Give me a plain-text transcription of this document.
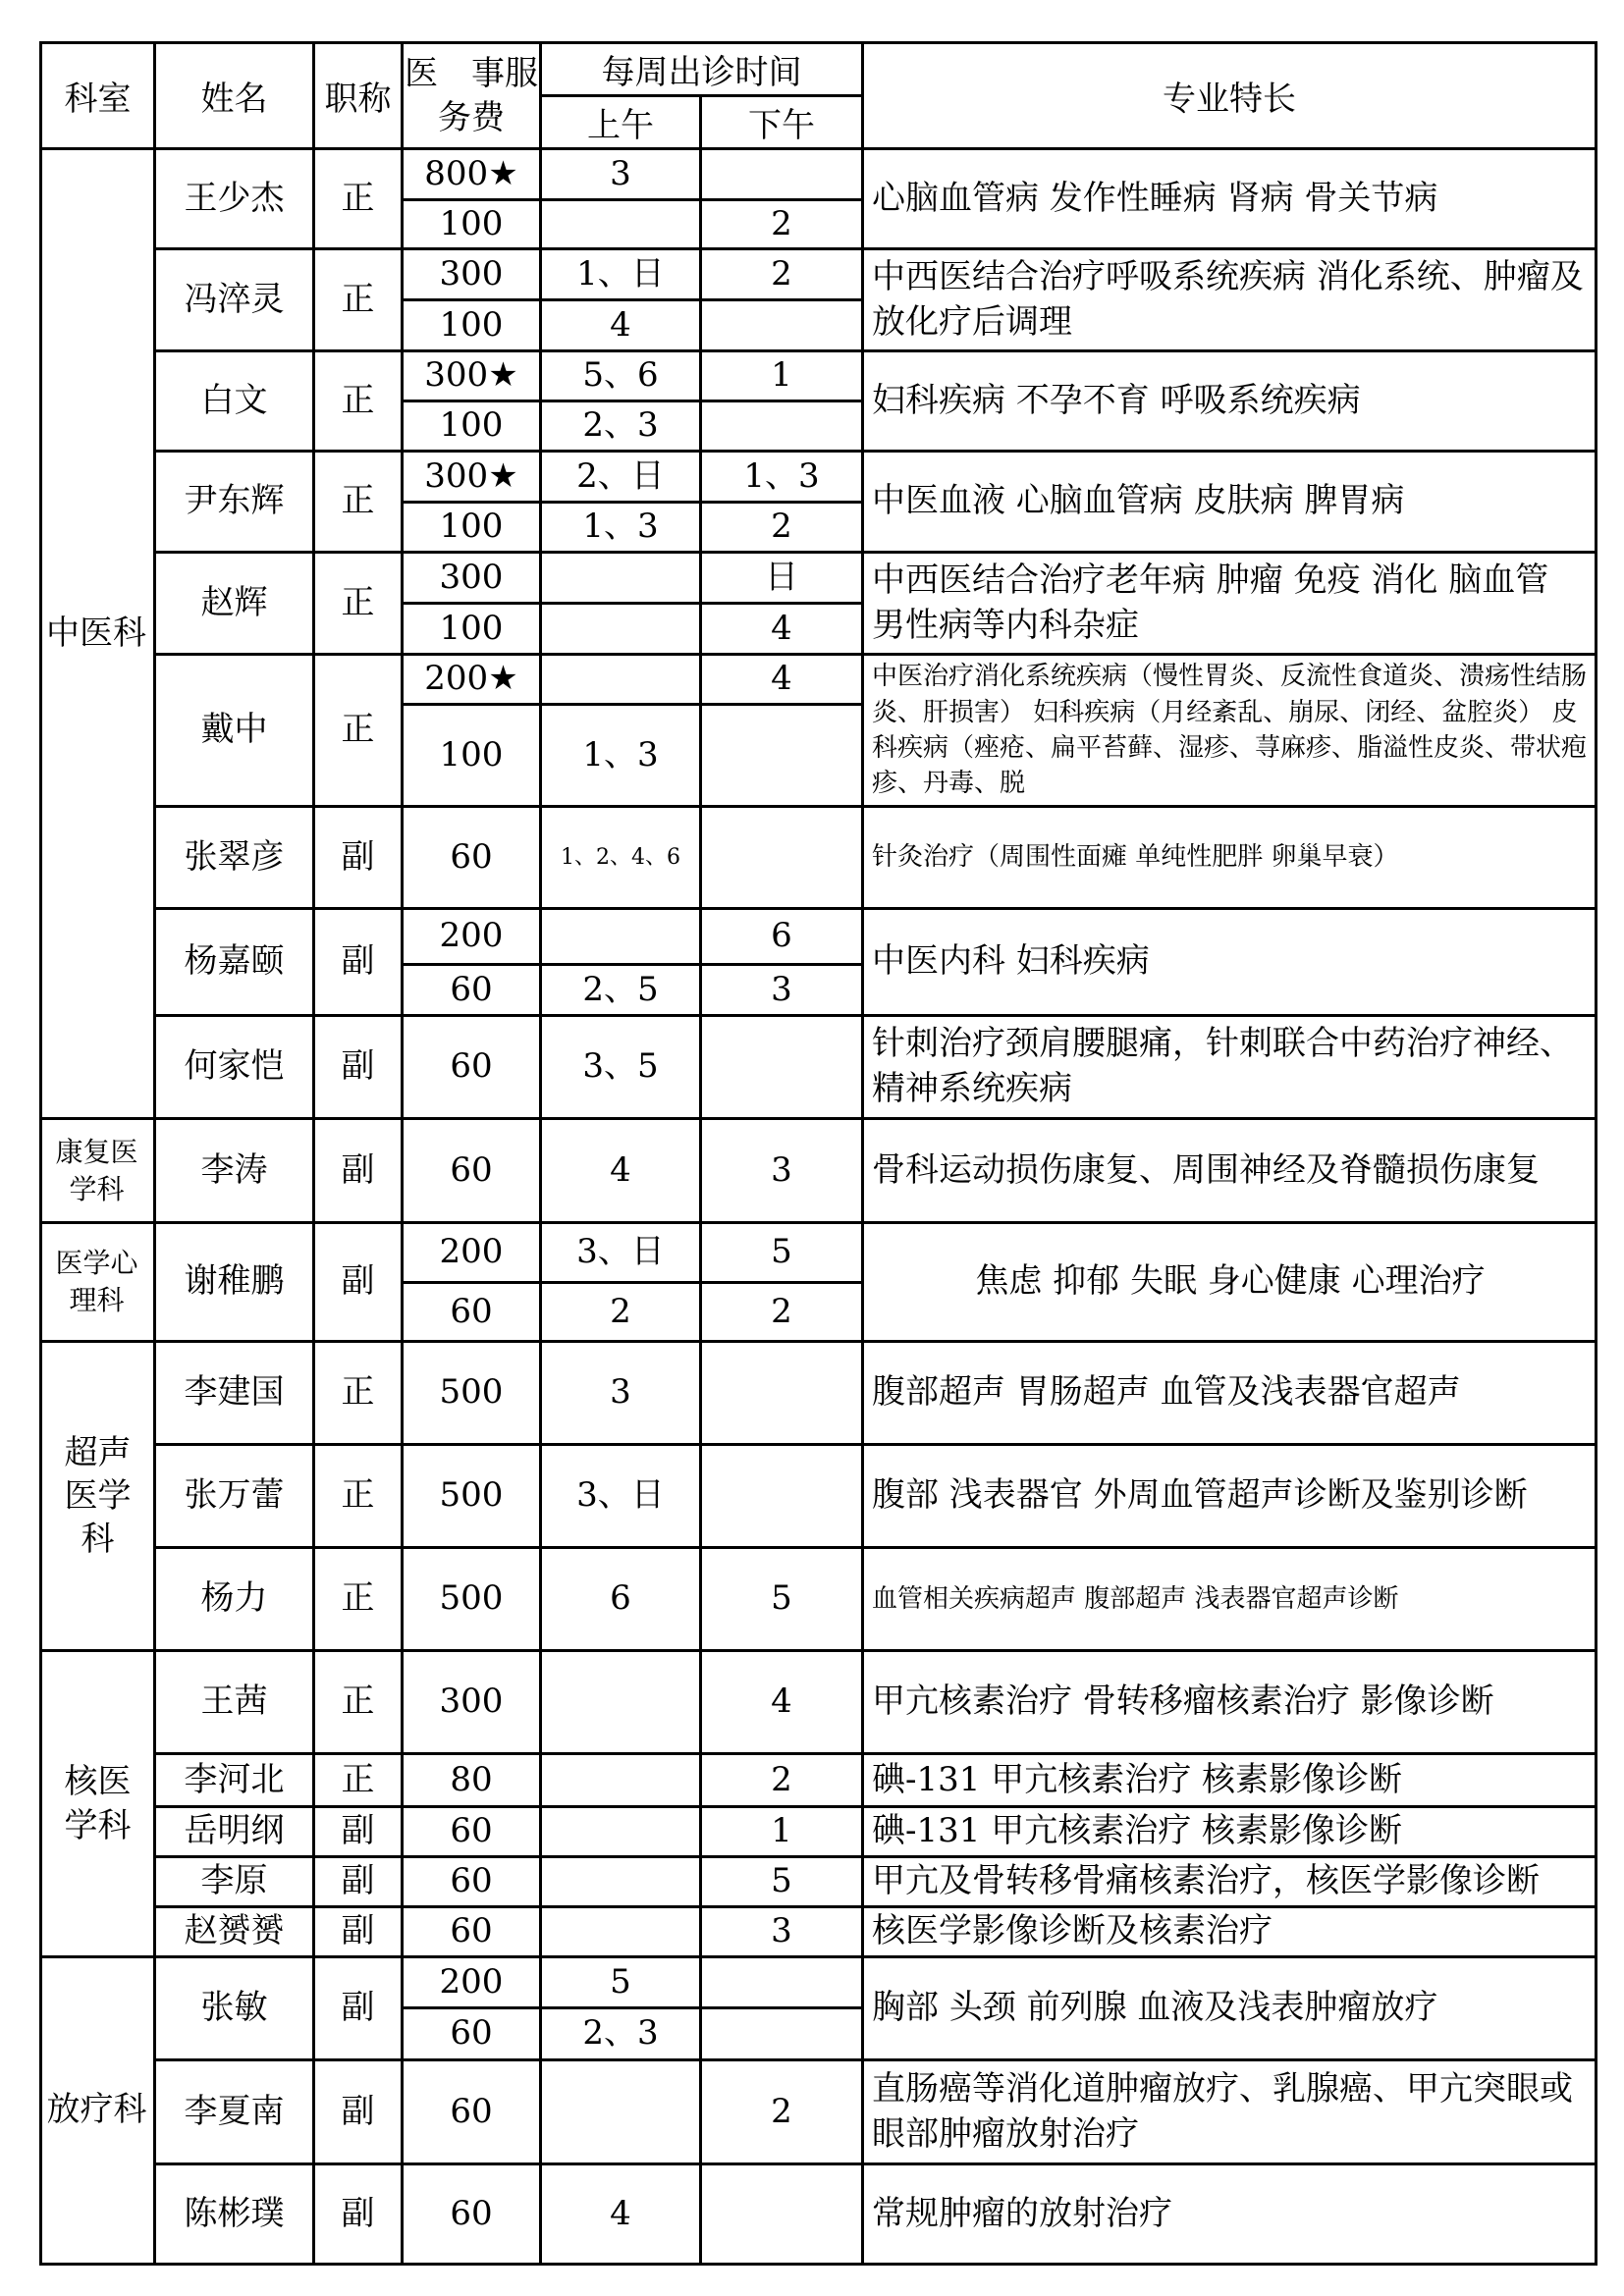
科室	姓名	职称	医　事服务费	每周出诊时间		专业特长
				上午	下午	
中医科	王少杰	正	800★	3		心脑血管病 发作性睡病 肾病 骨关节病
			100		2	
	冯淬灵	正	300	1、日	2	中西医结合治疗呼吸系统疾病 消化系统、肿瘤及放化疗后调理
			100	4		
	白文	正	300★	5、6	1	妇科疾病 不孕不育 呼吸系统疾病
			100	2、3		
	尹东辉	正	300★	2、日	1、3	中医血液 心脑血管病 皮肤病 脾胃病
			100	1、3	2	
	赵辉	正	300		日	中西医结合治疗老年病 肿瘤 免疫 消化 脑血管 男性病等内科杂症
			100		4	
	戴中	正	200★		4	中医治疗消化系统疾病（慢性胃炎、反流性食道炎、溃疡性结肠炎、肝损害） 妇科疾病（月经紊乱、崩尿、闭经、盆腔炎） 皮科疾病（痤疮、扁平苔藓、湿疹、荨麻疹、脂溢性皮炎、带状疱疹、丹毒、脱
			100	1、3		
	张翠彦	副	60	1、2、4、6		针灸治疗（周围性面瘫 单纯性肥胖 卵巢早衰）
	杨嘉颐	副	200		6	中医内科 妇科疾病
			60	2、5	3	
	何家恺	副	60	3、5		针刺治疗颈肩腰腿痛，针刺联合中药治疗神经、精神系统疾病
康复医学科	李涛	副	60	4	3	骨科运动损伤康复、周围神经及脊髓损伤康复
医学心理科	谢稚鹏	副	200	3、日	5	焦虑 抑郁 失眠 身心健康 心理治疗
			60	2	2	
超声医学科	李建国	正	500	3		腹部超声 胃肠超声 血管及浅表器官超声
	张万蕾	正	500	3、日		腹部 浅表器官 外周血管超声诊断及鉴别诊断
	杨力	正	500	6	5	血管相关疾病超声 腹部超声 浅表器官超声诊断
核医学科	王茜	正	300		4	甲亢核素治疗 骨转移瘤核素治疗 影像诊断
	李河北	正	80		2	碘-131 甲亢核素治疗 核素影像诊断
	岳明纲	副	60		1	碘-131 甲亢核素治疗 核素影像诊断
	李原	副	60		5	甲亢及骨转移骨痛核素治疗，核医学影像诊断
	赵赟赟	副	60		3	核医学影像诊断及核素治疗
放疗科	张敏	副	200	5		胸部 头颈 前列腺 血液及浅表肿瘤放疗
			60	2、3		
	李夏南	副	60		2	直肠癌等消化道肿瘤放疗、乳腺癌、甲亢突眼或眼部肿瘤放射治疗
	陈彬璞	副	60	4		常规肿瘤的放射治疗
